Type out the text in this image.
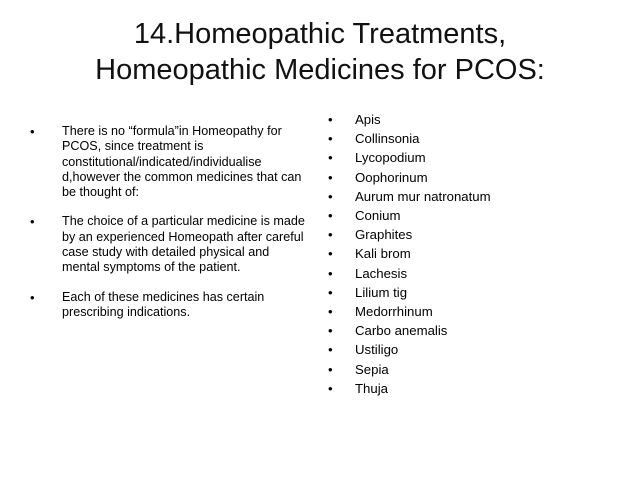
14.Homeopathic Treatments,
Homeopathic Medicines for PCOS:
• There is no “formula”in Homeopathy for PCOS, since treatment is constitutional/indicated/individualise d,however the common medicines that can be thought of:
• The choice of a particular medicine is made by an experienced Homeopath after careful case study with detailed physical and mental symptoms of the patient.
• Each of these medicines has certain prescribing indications.
• Apis
• Collinsonia
• Lycopodium
• Oophorinum
• Aurum mur natronatum
• Conium
• Graphites
• Kali brom
• Lachesis
• Lilium tig
• Medorrhinum
• Carbo anemalis
• Ustiligo
• Sepia
• Thuja
